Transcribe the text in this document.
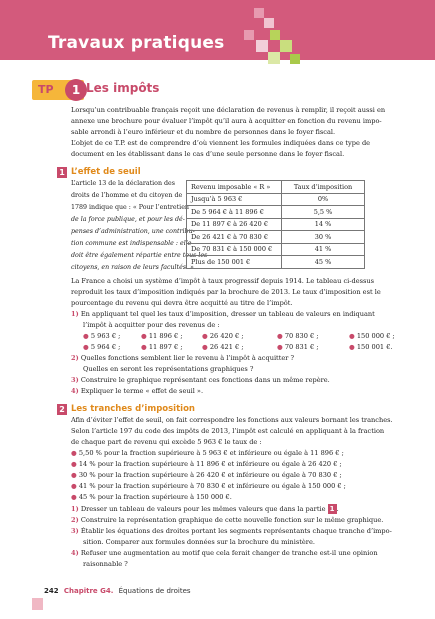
Travaux pratiques
TP	1 Les impôts
Lorsqu’un contribuable français reçoit une déclaration de revenus à remplir, il reçoit aussi en
annexe une brochure pour évaluer l’impôt qu’il aura à acquitter en fonction du revenu impo-
sable arrondi à l’euro inférieur et du nombre de personnes dans le foyer fiscal.
L’objet de ce T.P. est de comprendre d’où viennent les formules indiquées dans ce type de
document en les établissant dans le cas d’une seule personne dans le foyer fiscal.
1 L’effet de seuil
L’article 13 de la déclaration des
droits de l’homme et du citoyen de
1789 indique que : « Pour l’entretien
de la force publique, et pour les dé-
penses d’administration, une contribu-
tion commune est indispensable : elle
doit être également répartie entre tous les
citoyens, en raison de leurs facultés. »
Revenu imposable « R »	Taux d’imposition
Jusqu’à 5 963 €	0%
De 5 964 € à 11 896 €	5,5 %
De 11 897 € à 26 420 €	14 %
De 26 421 € à 70 830 €	30 %
De 70 831 € à 150 000 €	41 %
Plus de 150 001 €	45 %
La France a choisi un système d’impôt à taux progressif depuis 1914. Le tableau ci-dessus
reproduit les taux d’imposition indiqués par la brochure de 2013. Le taux d’imposition est le
pourcentage du revenu qui devra être acquitté au titre de l’impôt.
1) En appliquant tel quel les taux d’imposition, dresser un tableau de valeurs en indiquant
l’impôt à acquitter pour des revenus de :
● 5 963 € ;	● 11 896 € ;	● 26 420 € ;	● 70 830 € ;	● 150 000 € ;
● 5 964 € ;	● 11 897 € ;	● 26 421 € ;	● 70 831 € ;	● 150 001 €.
2) Quelles fonctions semblent lier le revenu à l’impôt à acquitter ?
Quelles en seront les représentations graphiques ?
3) Construire le graphique représentant ces fonctions dans un même repère.
4) Expliquer le terme « effet de seuil ».
2 Les tranches d’imposition
Afin d’éviter l’effet de seuil, on fait correspondre les fonctions aux valeurs bornant les tranches.
Selon l’article 197 du code des impôts de 2013, l’impôt est calculé en appliquant à la fraction
de chaque part de revenu qui excède 5 963 € le taux de :
● 5,50 % pour la fraction supérieure à 5 963 € et inférieure ou égale à 11 896 € ;
● 14 % pour la fraction supérieure à 11 896 € et inférieure ou égale à 26 420 € ;
● 30 % pour la fraction supérieure à 26 420 € et inférieure ou égale à 70 830 € ;
● 41 % pour la fraction supérieure à 70 830 € et inférieure ou égale à 150 000 € ;
● 45 % pour la fraction supérieure à 150 000 €.
1) Dresser un tableau de valeurs pour les mêmes valeurs que dans la partie 1 .
2) Construire la représentation graphique de cette nouvelle fonction sur le même graphique.
3) Établir les équations des droites portant les segments représentants chaque tranche d’impo-
sition. Comparer aux formules données sur la brochure du ministère.
4) Refuser une augmentation au motif que cela ferait changer de tranche est-il une opinion
raisonnable ?
242 Chapitre G4. Équations de droites
